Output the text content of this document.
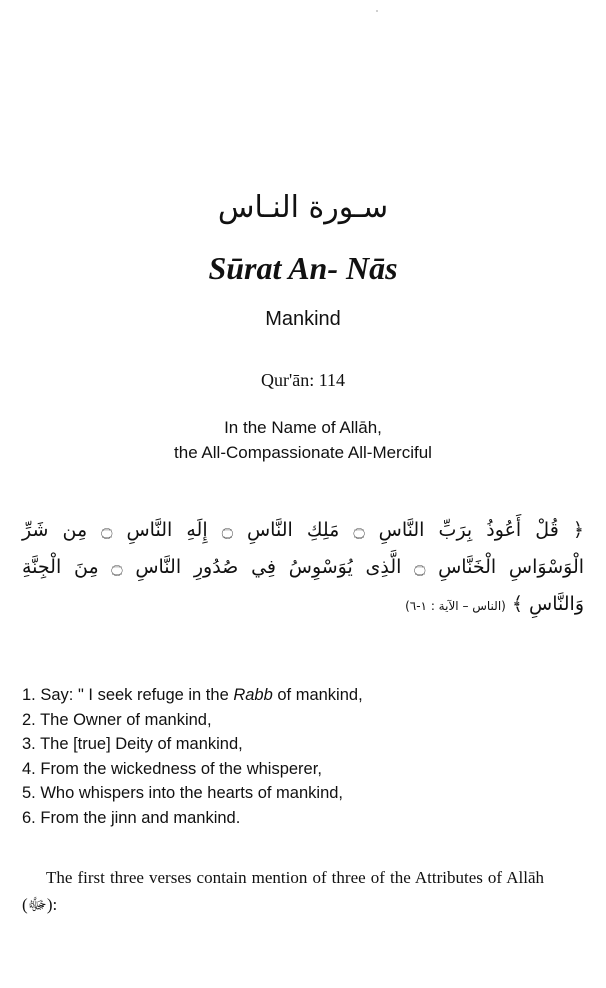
سـورة النـاس
Sūrat An- Nās
Mankind
Qur'ān: 114
In the Name of Allāh,
the All-Compassionate All-Merciful
﴿ قُلْ أَعُوذُ بِرَبِّ النَّاسِ ۝ مَلِكِ النَّاسِ ۝ إِلَهِ النَّاسِ ۝ مِن شَرِّ
الْوَسْوَاسِ الْخَنَّاسِ ۝ الَّذِى يُوَسْوِسُ فِي صُدُورِ النَّاسِ ۝ مِنَ الْجِنَّةِ
وَالنَّاسِ ﴾(الناس – الآية : ١-٦)
1. Say: " I seek refuge in the Rabb of mankind,
2. The Owner of mankind,
3. The [true] Deity of mankind,
4. From the wickedness of the whisperer,
5. Who whispers into the hearts of mankind,
6. From the jinn and mankind.
The first three verses contain mention of three of the Attributes of Allāh (ﷻ):
